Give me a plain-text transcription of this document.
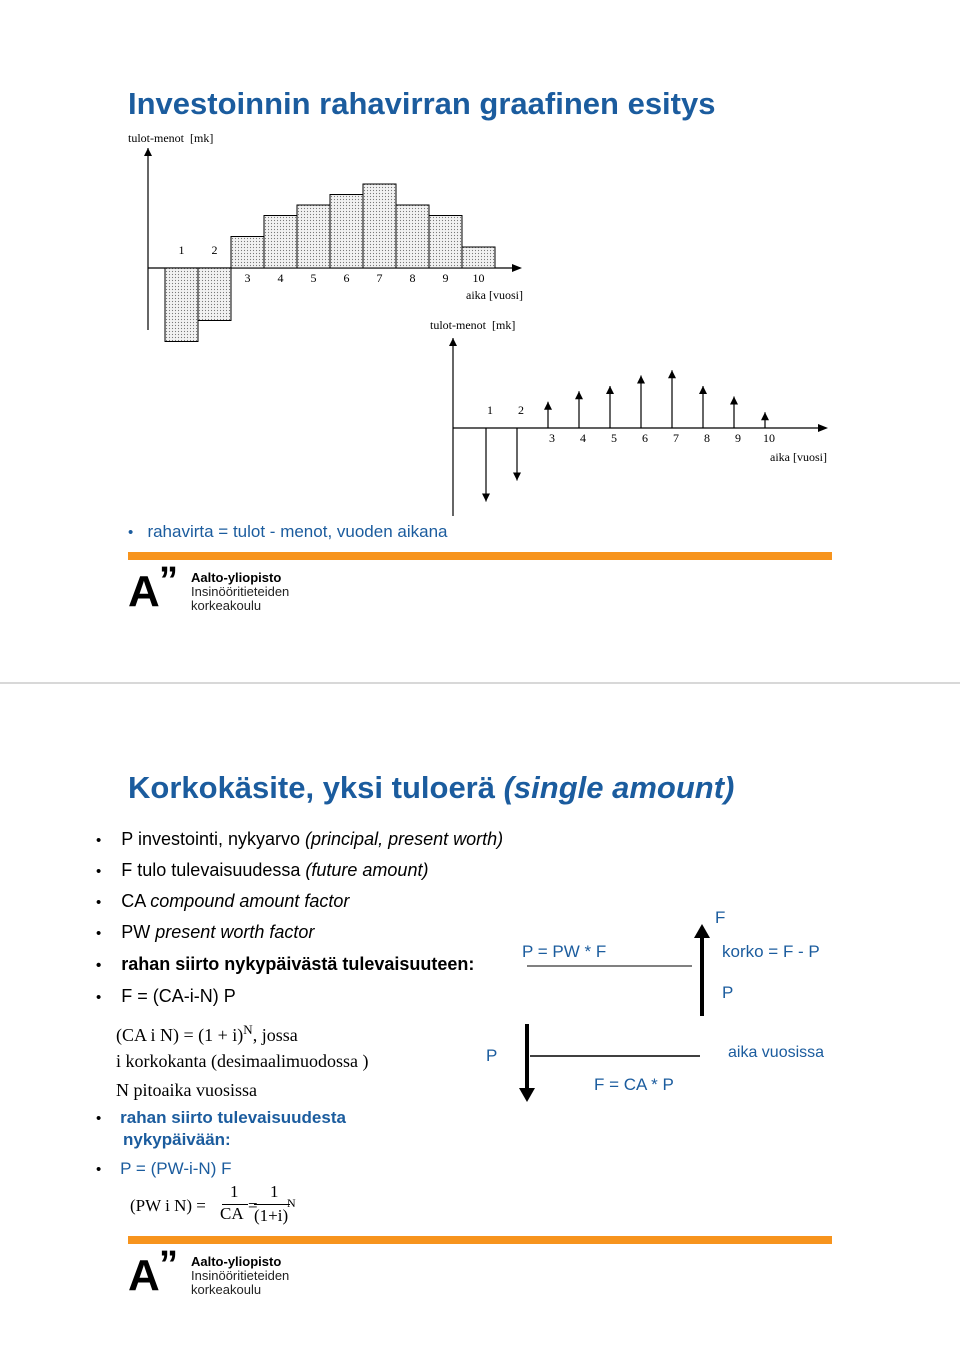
Investoinnin rahavirran graafinen esitys
tulot-menot [mk]
aika [vuosi]
1 2
3 4 5 6 7 8 9 10
tulot-menot [mk]
aika [vuosi]
1 2
3 4 5 6 7 8 9 10
• rahavirta = tulot - menot, vuoden aikana
A ” Aalto-yliopisto
Insinööritieteiden
korkeakoulu
Korkokäsite, yksi tuloerä (single amount)
• P investointi, nykyarvo (principal, present worth)
• F tulo tulevaisuudessa (future amount)
• CA compound amount factor
• PW present worth factor
• rahan siirto nykypäivästä tulevaisuuteen:
• F = (CA-i-N) P
(CA i $N) = (1 + i)^N$, jossa
i korkokanta (desimaalimuodossa )
N pitoaika vuosissa
• rahan siirto tulevaisuudesta
nykypäivään:
• P = (PW-i-N) F
(PW i N) =
1
CA =
1
(1+i)
N
P
P = PW * F
F = CA * P
F
korko = F - P
P
aika vuosissa
A ” Aalto-yliopisto
Insinööritieteiden
korkeakoulu
